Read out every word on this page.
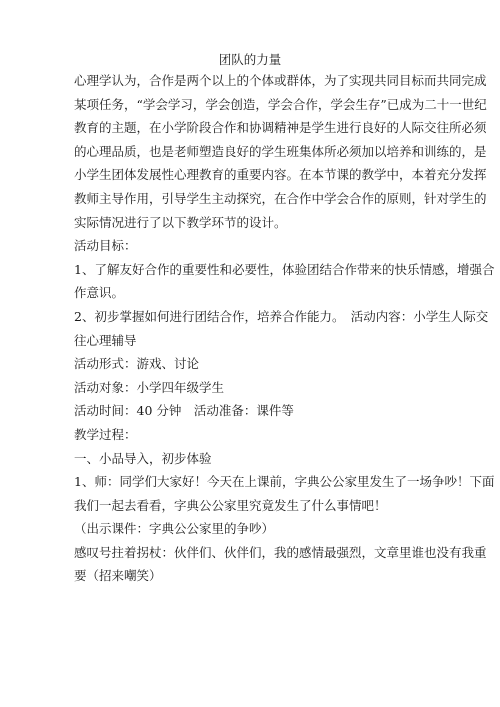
团队的力量
心理学认为，合作是两个以上的个体或群体，为了实现共同目标而共同完成
某项任务，“学会学习，学会创造，学会合作，学会生存”已成为二十一世纪
教育的主题，在小学阶段合作和协调精神是学生进行良好的人际交往所必须
的心理品质，也是老师塑造良好的学生班集体所必须加以培养和训练的，是
小学生团体发展性心理教育的重要内容。在本节课的教学中，本着充分发挥
教师主导作用，引导学生主动探究，在合作中学会合作的原则，针对学生的
实际情况进行了以下教学环节的设计。
活动目标：
1、了解友好合作的重要性和必要性，体验团结合作带来的快乐情感，增强合
作意识。
2、初步掌握如何进行团结合作，培养合作能力。　活动内容：小学生人际交
往心理辅导
活动形式：游戏、讨论
活动对象：小学四年级学生
活动时间：40 分钟　活动准备：课件等
教学过程：
一、小品导入，初步体验
1、师：同学们大家好！今天在上课前，字典公公家里发生了一场争吵！下面
我们一起去看看，字典公公家里究竟发生了什么事情吧！
（出示课件：字典公公家里的争吵）
感叹号拄着拐杖：伙伴们、伙伴们，我的感情最强烈，文章里谁也没有我重
要（招来嘲笑）
